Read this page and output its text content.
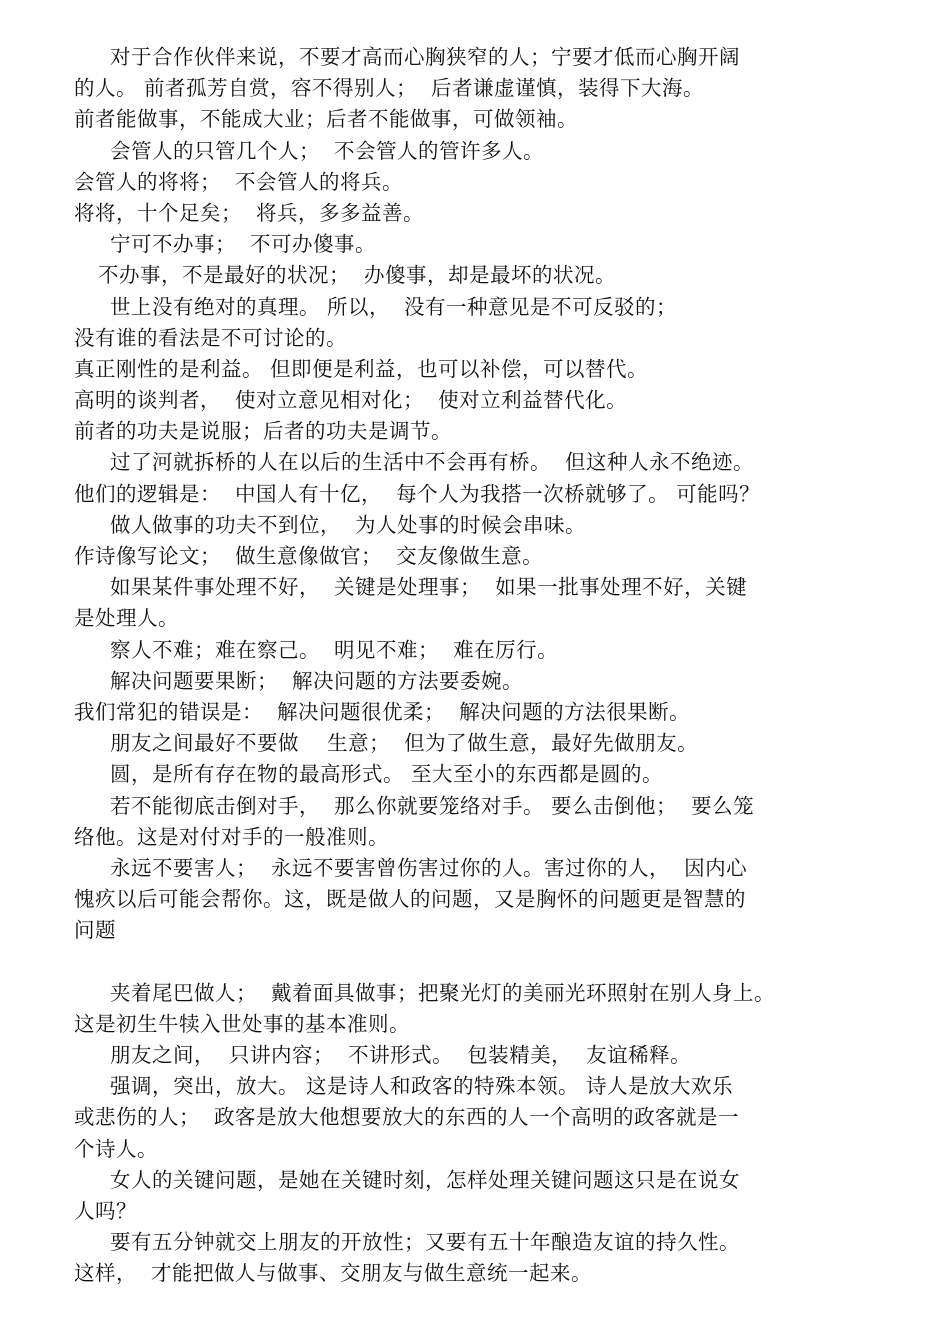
对于合作伙伴来说，不要才高而心胸狭窄的人；宁要才低而心胸开阔
的人。 前者孤芳自赏，容不得别人；  后者谦虚谨慎，装得下大海。
前者能做事，不能成大业；后者不能做事，可做领袖。
会管人的只管几个人；  不会管人的管许多人。
会管人的将将；  不会管人的将兵。
将将，十个足矣；  将兵，多多益善。
宁可不办事；  不可办傻事。
不办事，不是最好的状况；  办傻事，却是最坏的状况。
世上没有绝对的真理。 所以，  没有一种意见是不可反驳的；
没有谁的看法是不可讨论的。
真正刚性的是利益。 但即便是利益，也可以补偿，可以替代。
高明的谈判者，  使对立意见相对化；  使对立利益替代化。
前者的功夫是说服；后者的功夫是调节。
过了河就拆桥的人在以后的生活中不会再有桥。  但这种人永不绝迹。
他们的逻辑是：  中国人有十亿，  每个人为我搭一次桥就够了。 可能吗？
做人做事的功夫不到位，  为人处事的时候会串味。
作诗像写论文；  做生意像做官；  交友像做生意。
如果某件事处理不好，  关键是处理事；  如果一批事处理不好，关键
是处理人。
察人不难；难在察己。  明见不难；  难在厉行。
解决问题要果断；  解决问题的方法要委婉。
我们常犯的错误是：  解决问题很优柔；  解决问题的方法很果断。
朋友之间最好不要做    生意；  但为了做生意，最好先做朋友。
圆，是所有存在物的最高形式。 至大至小的东西都是圆的。
若不能彻底击倒对手，  那么你就要笼络对手。 要么击倒他；  要么笼
络他。这是对付对手的一般准则。
永远不要害人；  永远不要害曾伤害过你的人。害过你的人，  因内心
愧疚以后可能会帮你。这，既是做人的问题，又是胸怀的问题更是智慧的
问题
夹着尾巴做人；  戴着面具做事；把聚光灯的美丽光环照射在别人身上。
这是初生牛犊入世处事的基本准则。
朋友之间，  只讲内容；  不讲形式。  包装精美，  友谊稀释。
强调，突出，放大。 这是诗人和政客的特殊本领。 诗人是放大欢乐
或悲伤的人；  政客是放大他想要放大的东西的人一个高明的政客就是一
个诗人。
女人的关键问题，是她在关键时刻，怎样处理关键问题这只是在说女
人吗？
要有五分钟就交上朋友的开放性；又要有五十年酿造友谊的持久性。
这样，  才能把做人与做事、交朋友与做生意统一起来。
